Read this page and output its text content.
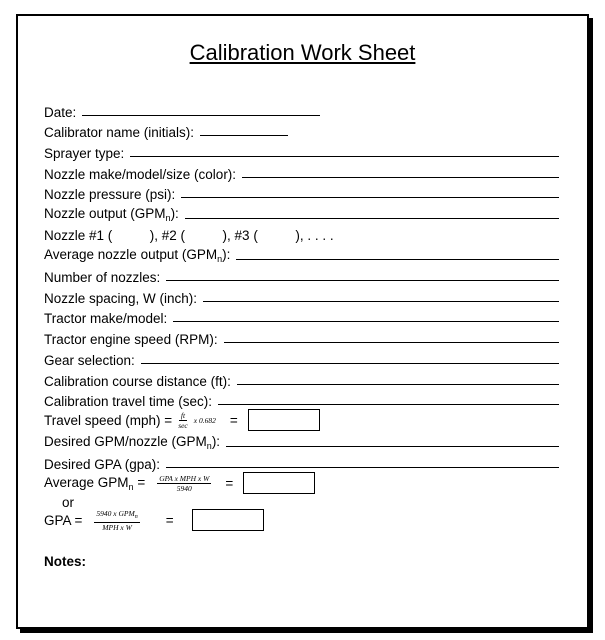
Calibration Work Sheet
Date:
Calibrator name (initials):
Sprayer type:
Nozzle make/model/size (color):
Nozzle pressure (psi):
Nozzle output $(GPM_n)$:
Nozzle #1 (          ), #2 (          ), #3 (          ), . . . .
Average nozzle output $(GPM_n)$:
Number of nozzles:
Nozzle spacing, W (inch):
Tractor make/model:
Tractor engine speed (RPM):
Gear selection:
Calibration course distance (ft):
Calibration travel time (sec):
Travel speed $(mph) = \frac{ft}{\sec}$ x 0.682 =
Desired GPM/nozzle $(GPM_n)$:
Desired GPA (gpa):
Average $GPM_n = \frac{\text{GPA x MPH x W}}{5940}$ =
or
GPA = $\frac{5940 x GPM_n}{\text{MPH x W}}$ =
Notes:
